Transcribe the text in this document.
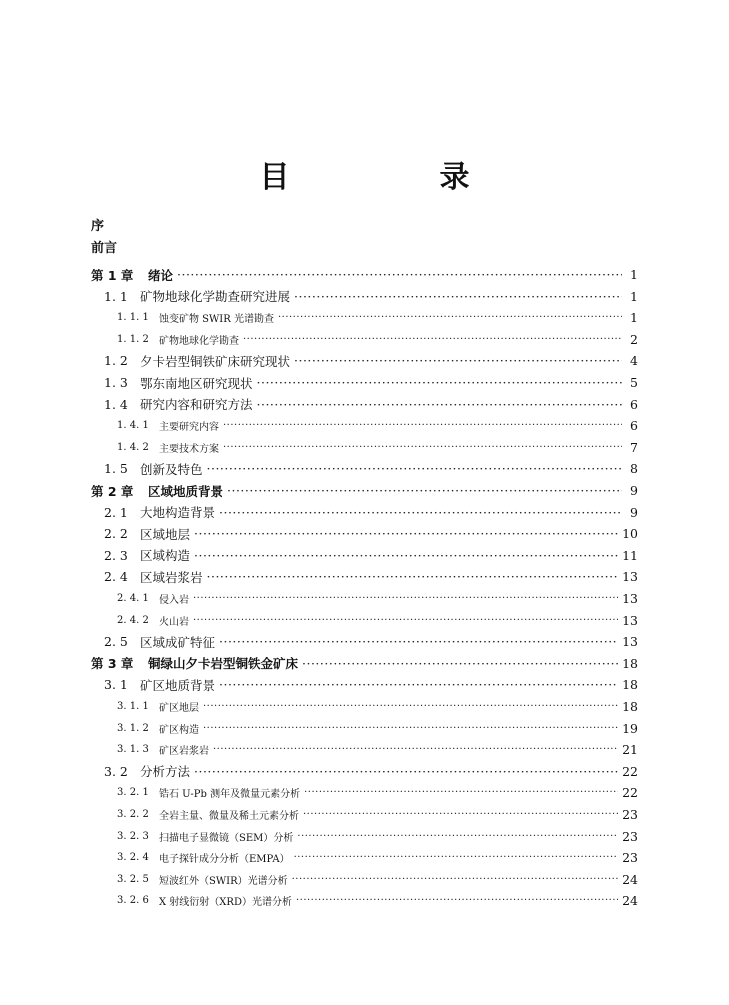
目　录
序
前言
第 1 章	绪论 ·····	1
1. 1 矿物地球化学勘查研究进展 ·····	1
1. 1. 1	蚀变矿物 SWIR 光谱勘查 ·····	1
1. 1. 2	矿物地球化学勘查 ·····	2
1. 2 夕卡岩型铜铁矿床研究现状 ·····	4
1. 3 鄂东南地区研究现状 ·····	5
1. 4 研究内容和研究方法 ·····	6
1. 4. 1	主要研究内容 ·····	6
1. 4. 2	主要技术方案 ·····	7
1. 5 创新及特色 ·····	8
第 2 章	区域地质背景 ·····	9
2. 1 大地构造背景 ·····	9
2. 2 区域地层 ·····	10
2. 3 区域构造 ·····	11
2. 4 区域岩浆岩 ·····	13
2. 4. 1	侵入岩 ·····	13
2. 4. 2	火山岩 ·····	13
2. 5 区域成矿特征 ·····	13
第 3 章	铜绿山夕卡岩型铜铁金矿床 ·····	18
3. 1 矿区地质背景 ·····	18
3. 1. 1	矿区地层 ·····	18
3. 1. 2	矿区构造 ·····	19
3. 1. 3	矿区岩浆岩 ·····	21
3. 2 分析方法 ·····	22
3. 2. 1	锆石 U-Pb 测年及微量元素分析 ·····	22
3. 2. 2	全岩主量、微量及稀土元素分析 ·····	23
3. 2. 3	扫描电子显微镜（SEM）分析 ·····	23
3. 2. 4	电子探针成分分析（EMPA） ·····	23
3. 2. 5	短波红外（SWIR）光谱分析 ·····	24
3. 2. 6	X 射线衍射（XRD）光谱分析 ·····	24
